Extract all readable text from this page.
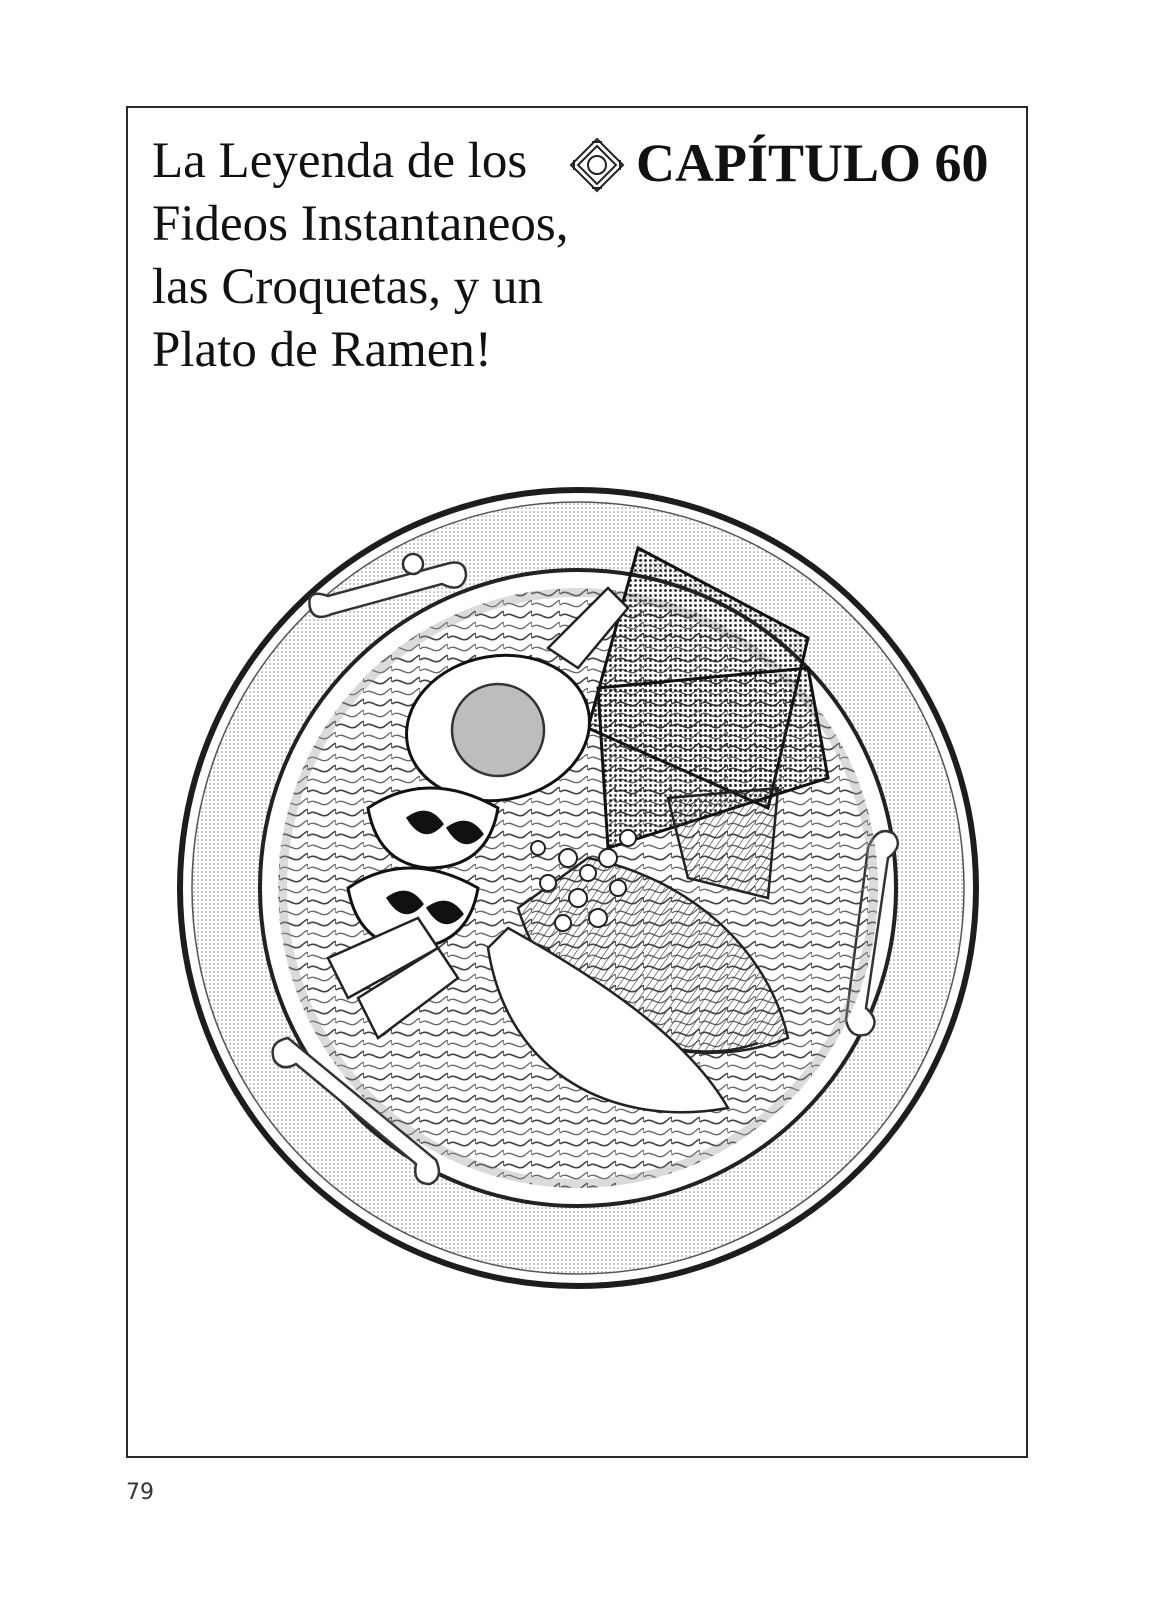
La Leyenda de los
Fideos Instantaneos,
las Croquetas, y un
Plato de Ramen!
CAPÍTULO 60
79
